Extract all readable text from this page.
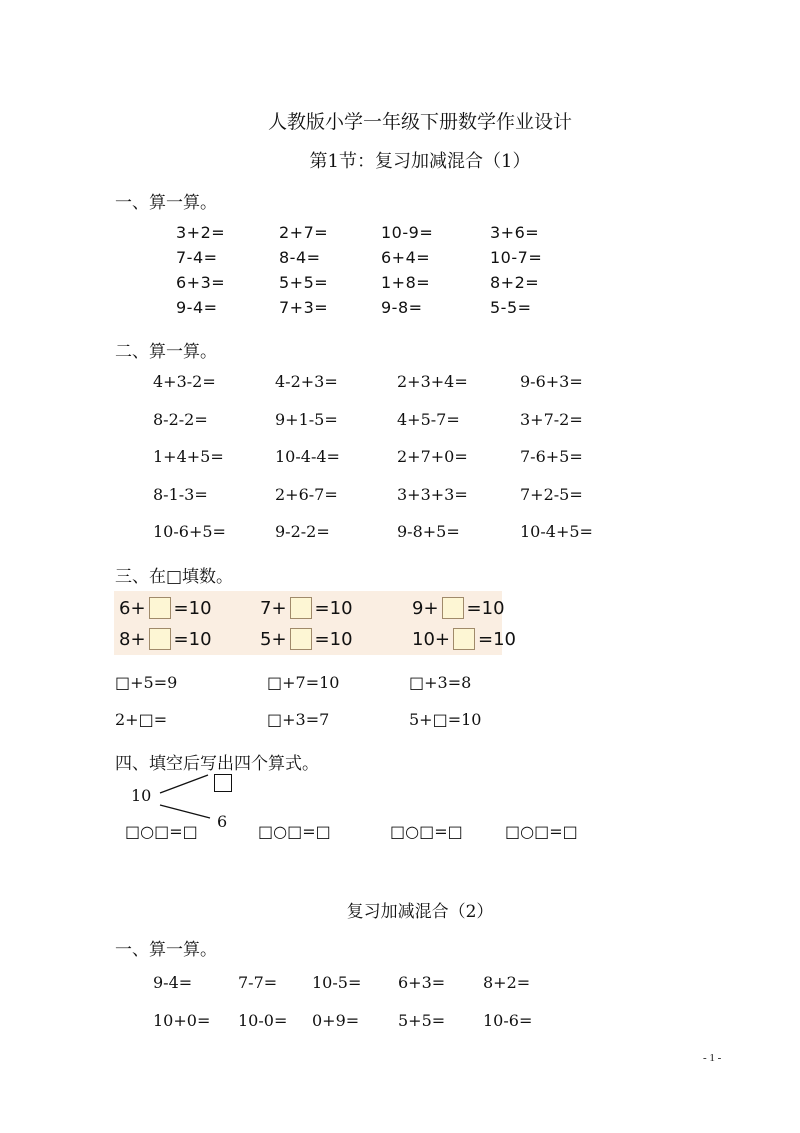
人教版小学一年级下册数学作业设计
第1节：复习加减混合（1）
一、算一算。
3+2=	2+7=	10-9=	3+6=
7-4=	8-4=	6+4=	10-7=
6+3=	5+5=	1+8=	8+2=
9-4=	7+3=	9-8=	5-5=
二、算一算。
4+3-2=	4-2+3=	2+3+4=	9-6+3=
8-2-2=	9+1-5=	4+5-7=	3+7-2=
1+4+5=	10-4-4=	2+7+0=	7-6+5=
8-1-3=	2+6-7=	3+3+3=	7+2-5=
10-6+5=	9-2-2=	9-8+5=	10-4+5=
三、在□填数。
6+ =10	7+ =10	9+ =10
8+ =10	5+ =10	10+ =10
□+5=9	□+7=10	□+3=8
2+□=	□+3=7	5+□=10
四、填空后写出四个算式。
10
6
□○□=□	□○□=□	□○□=□	□○□=□
复习加减混合（2）
一、算一算。
9-4=	7-7= 10-5= 6+3= 8+2=
10+0= 10-0= 0+9= 5+5= 10-6=
- 1 -
